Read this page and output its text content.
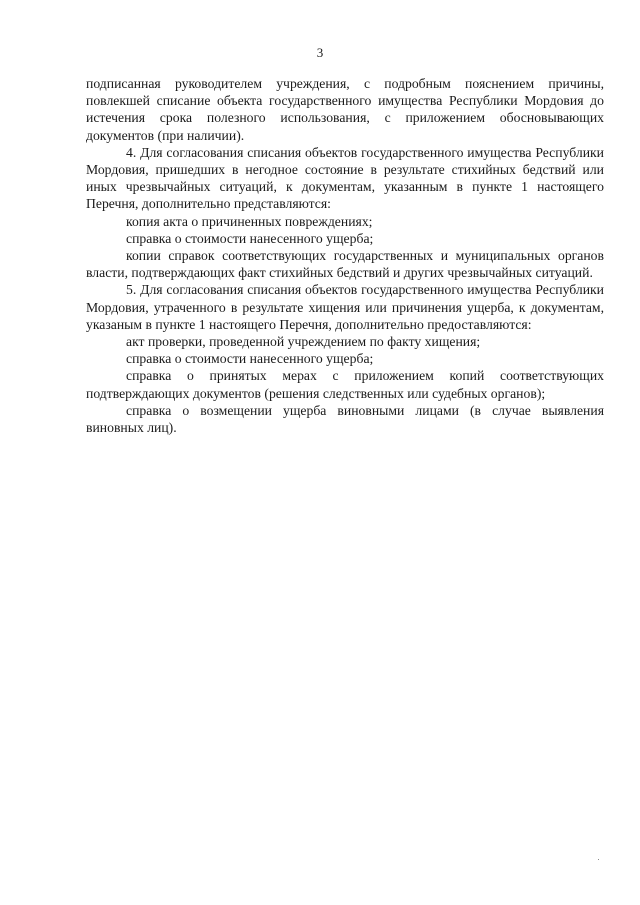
3

подписанная руководителем учреждения, с подробным пояснением причины, повлекшей списание объекта государственного имущества Республики Мордовия до истечения срока полезного использования, с приложением обосновывающих документов (при наличии).

4. Для согласования списания объектов государственного имущества Республики Мордовия, пришедших в негодное состояние в результате стихийных бедствий или иных чрезвычайных ситуаций, к документам, указанным в пункте 1 настоящего Перечня, дополнительно представляются:

копия акта о причиненных повреждениях;

справка о стоимости нанесенного ущерба;

копии справок соответствующих государственных и муниципальных органов власти, подтверждающих факт стихийных бедствий и других чрезвычайных ситуаций.

5. Для согласования списания объектов государственного имущества Республики Мордовия, утраченного в результате хищения или причинения ущерба, к документам, указаным в пункте 1 настоящего Перечня, дополнительно предоставляются:

акт проверки, проведенной учреждением по факту хищения;

справка о стоимости нанесенного ущерба;

справка о принятых мерах с приложением копий соответствующих подтверждающих документов (решения следственных или судебных органов);

справка о возмещении ущерба виновными лицами (в случае выявления виновных лиц).
